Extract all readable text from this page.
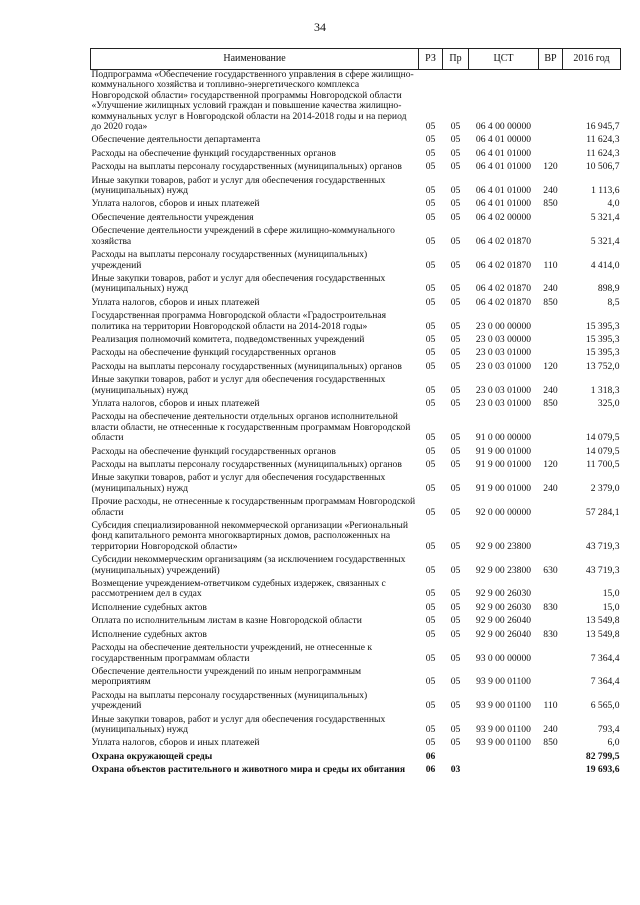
34
Наименование	РЗ	Пр	ЦСТ	ВР	2016 год
Подпрограмма «Обеспечение государственного управления в сфере жилищно-коммунального хозяйства и топливно-энергетического комплекса Новгородской области» государственной программы Новгородской области «Улучшение жилищных условий граждан и повышение качества жилищно-коммунальных услуг в Новгородской области на 2014-2018 годы и на период до 2020 года»	05	05	06 4 00 00000		16 945,7
Обеспечение деятельности департамента	05	05	06 4 01 00000		11 624,3
Расходы на обеспечение функций государственных органов	05	05	06 4 01 01000		11 624,3
Расходы на выплаты персоналу государственных (муниципальных) органов	05	05	06 4 01 01000	120	10 506,7
Иные закупки товаров, работ и услуг для обеспечения государственных (муниципальных) нужд	05	05	06 4 01 01000	240	1 113,6
Уплата налогов, сборов и иных платежей	05	05	06 4 01 01000	850	4,0
Обеспечение деятельности учреждения	05	05	06 4 02 00000		5 321,4
Обеспечение деятельности учреждений в сфере жилищно-коммунального хозяйства	05	05	06 4 02 01870		5 321,4
Расходы на выплаты персоналу государственных (муниципальных) учреждений	05	05	06 4 02 01870	110	4 414,0
Иные закупки товаров, работ и услуг для обеспечения государственных (муниципальных) нужд	05	05	06 4 02 01870	240	898,9
Уплата налогов, сборов и иных платежей	05	05	06 4 02 01870	850	8,5
Государственная программа Новгородской области «Градостроительная политика на территории Новгородской области на 2014-2018 годы»	05	05	23 0 00 00000		15 395,3
Реализация полномочий комитета, подведомственных учреждений	05	05	23 0 03 00000		15 395,3
Расходы на обеспечение функций государственных органов	05	05	23 0 03 01000		15 395,3
Расходы на выплаты персоналу государственных (муниципальных) органов	05	05	23 0 03 01000	120	13 752,0
Иные закупки товаров, работ и услуг для обеспечения государственных (муниципальных) нужд	05	05	23 0 03 01000	240	1 318,3
Уплата налогов, сборов и иных платежей	05	05	23 0 03 01000	850	325,0
Расходы на обеспечение деятельности отдельных органов исполнительной власти области, не отнесенные к государственным программам Новгородской области	05	05	91 0 00 00000		14 079,5
Расходы на обеспечение функций государственных органов	05	05	91 9 00 01000		14 079,5
Расходы на выплаты персоналу государственных (муниципальных) органов	05	05	91 9 00 01000	120	11 700,5
Иные закупки товаров, работ и услуг для обеспечения государственных (муниципальных) нужд	05	05	91 9 00 01000	240	2 379,0
Прочие расходы, не отнесенные к государственным программам Новгородской области	05	05	92 0 00 00000		57 284,1
Субсидия специализированной некоммерческой организации «Региональный фонд капитального ремонта многоквартирных домов, расположенных на территории Новгородской области»	05	05	92 9 00 23800		43 719,3
Субсидии некоммерческим организациям (за исключением государственных (муниципальных) учреждений)	05	05	92 9 00 23800	630	43 719,3
Возмещение учреждением-ответчиком судебных издержек, связанных с рассмотрением дел в судах	05	05	92 9 00 26030		15,0
Исполнение судебных актов	05	05	92 9 00 26030	830	15,0
Оплата по исполнительным листам в казне Новгородской области	05	05	92 9 00 26040		13 549,8
Исполнение судебных актов	05	05	92 9 00 26040	830	13 549,8
Расходы на обеспечение деятельности учреждений, не отнесенные к государственным программам области	05	05	93 0 00 00000		7 364,4
Обеспечение деятельности учреждений по иным непрограммным мероприятиям	05	05	93 9 00 01100		7 364,4
Расходы на выплаты персоналу государственных (муниципальных) учреждений	05	05	93 9 00 01100	110	6 565,0
Иные закупки товаров, работ и услуг для обеспечения государственных (муниципальных) нужд	05	05	93 9 00 01100	240	793,4
Уплата налогов, сборов и иных платежей	05	05	93 9 00 01100	850	6,0
Охрана окружающей среды	06				82 799,5
Охрана объектов растительного и животного мира и среды их обитания	06	03			19 693,6
